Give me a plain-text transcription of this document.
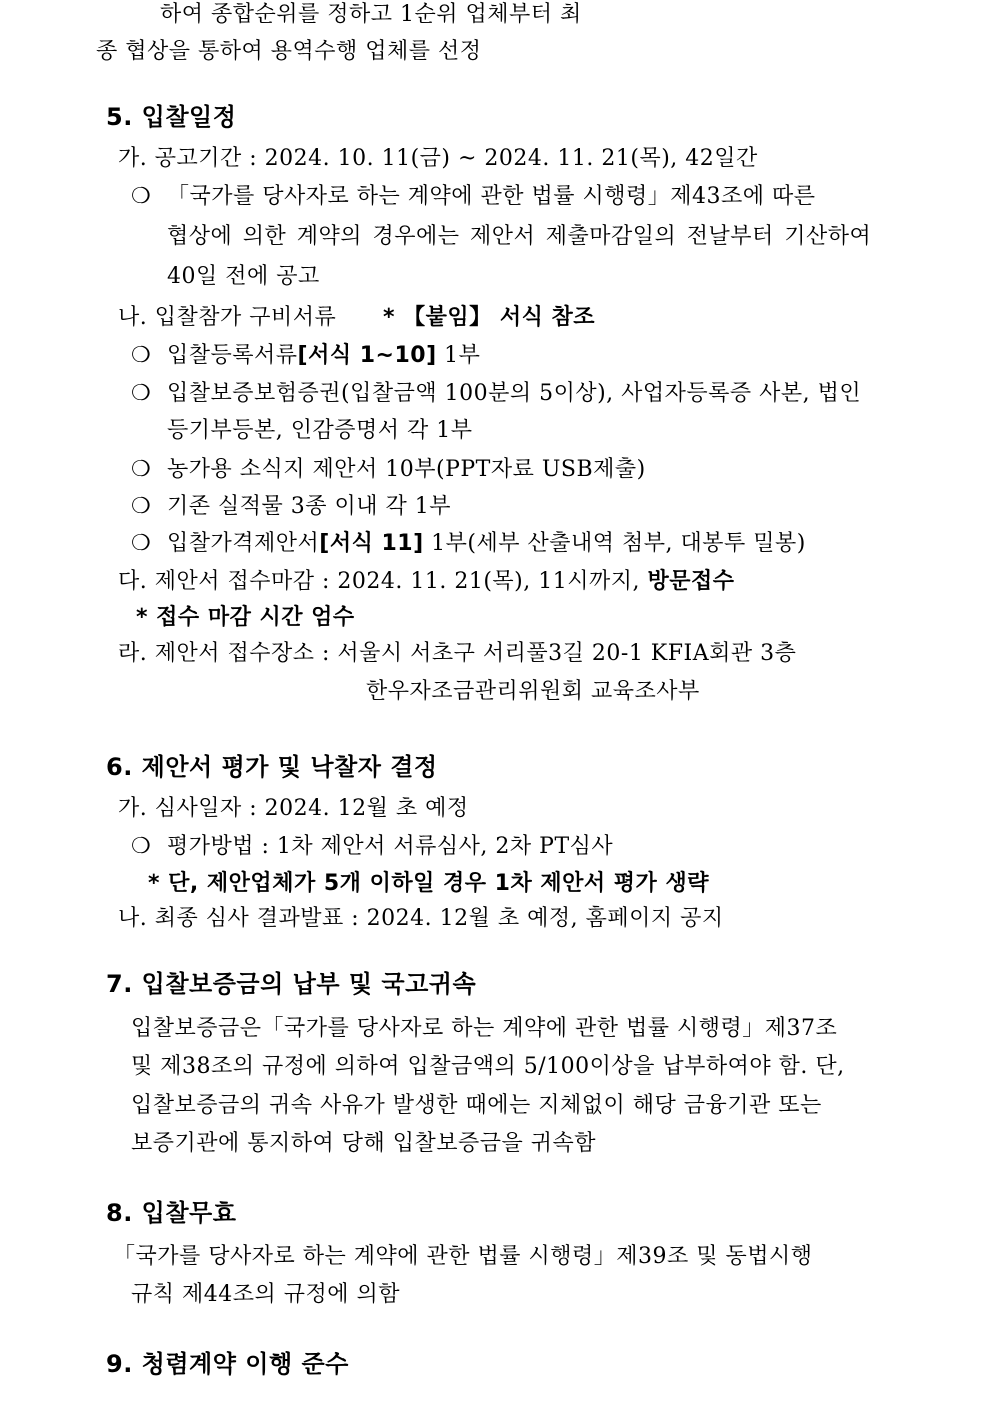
하여 종합순위를 정하고 1순위 업체부터 최
종 협상을 통하여 용역수행 업체를 선정
5. 입찰일정
가. 공고기간 : 2024. 10. 11(금) ~ 2024. 11. 21(목), 42일간
❍ 「국가를 당사자로 하는 계약에 관한 법률 시행령」제43조에 따른
협상에 의한 계약의 경우에는 제안서 제출마감일의 전날부터 기산하여
40일 전에 공고
나. 입찰참가 구비서류 * 【붙임】 서식 참조
❍ 입찰등록서류[서식 1~10] 1부
❍ 입찰보증보험증권(입찰금액 100분의 5이상), 사업자등록증 사본, 법인
등기부등본, 인감증명서 각 1부
❍ 농가용 소식지 제안서 10부(PPT자료 USB제출)
❍ 기존 실적물 3종 이내 각 1부
❍ 입찰가격제안서[서식 11] 1부(세부 산출내역 첨부, 대봉투 밀봉)
다. 제안서 접수마감 : 2024. 11. 21(목), 11시까지, 방문접수
* 접수 마감 시간 엄수
라. 제안서 접수장소 : 서울시 서초구 서리풀3길 20-1 KFIA회관 3층
한우자조금관리위원회 교육조사부
6. 제안서 평가 및 낙찰자 결정
가. 심사일자 : 2024. 12월 초 예정
❍ 평가방법 : 1차 제안서 서류심사, 2차 PT심사
* 단, 제안업체가 5개 이하일 경우 1차 제안서 평가 생략
나. 최종 심사 결과발표 : 2024. 12월 초 예정, 홈페이지 공지
7. 입찰보증금의 납부 및 국고귀속
입찰보증금은「국가를 당사자로 하는 계약에 관한 법률 시행령」제37조
및 제38조의 규정에 의하여 입찰금액의 5/100이상을 납부하여야 함. 단,
입찰보증금의 귀속 사유가 발생한 때에는 지체없이 해당 금융기관 또는
보증기관에 통지하여 당해 입찰보증금을 귀속함
8. 입찰무효
「국가를 당사자로 하는 계약에 관한 법률 시행령」제39조 및 동법시행
규칙 제44조의 규정에 의함
9. 청렴계약 이행 준수
